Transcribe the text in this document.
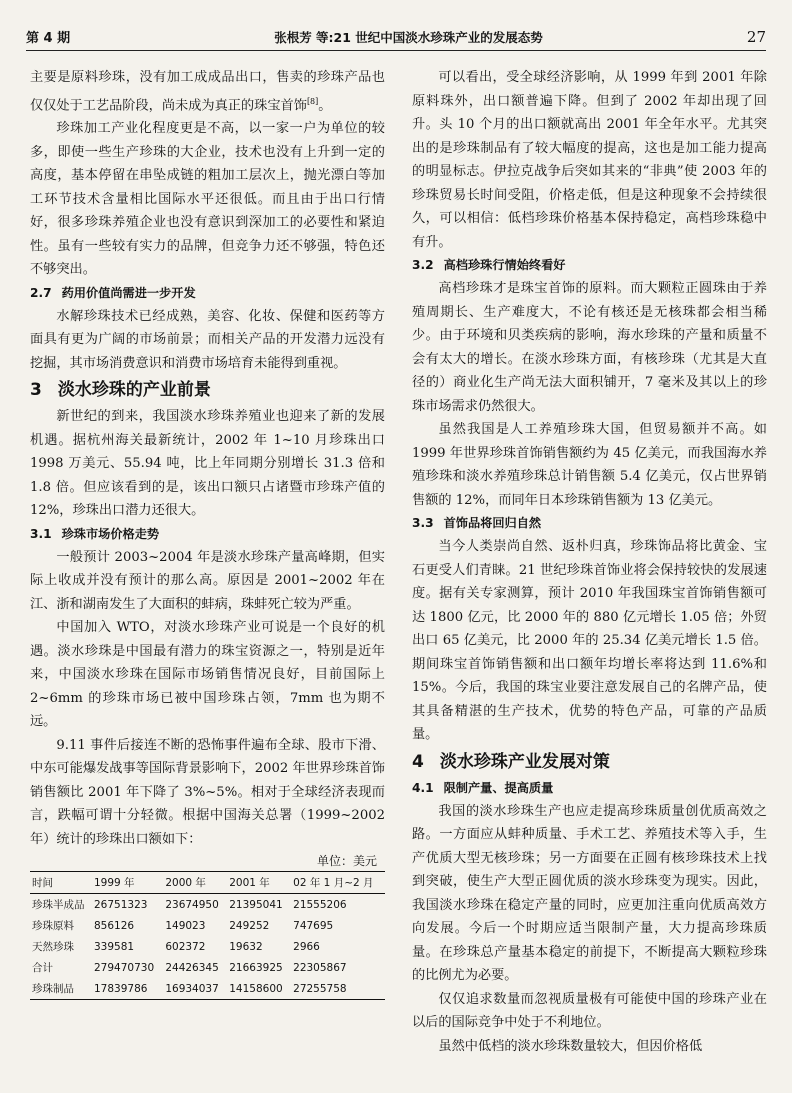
第 4 期	张根芳 等:21 世纪中国淡水珍珠产业的发展态势	27

主要是原料珍珠，没有加工成成品出口，售卖的珍珠产品也仅仅处于工艺品阶段，尚未成为真正的珠宝首饰[8]。

珍珠加工产业化程度更是不高，以一家一户为单位的较多，即使一些生产珍珠的大企业，技术也没有上升到一定的高度，基本停留在串坠成链的粗加工层次上，抛光漂白等加工环节技术含量相比国际水平还很低。而且由于出口行情好，很多珍珠养殖企业也没有意识到深加工的必要性和紧迫性。虽有一些较有实力的品牌，但竞争力还不够强，特色还不够突出。

2.7 药用价值尚需进一步开发

水解珍珠技术已经成熟，美容、化妆、保健和医药等方面具有更为广阔的市场前景；而相关产品的开发潜力远没有挖掘，其市场消费意识和消费市场培育未能得到重视。

3 淡水珍珠的产业前景

新世纪的到来，我国淡水珍珠养殖业也迎来了新的发展机遇。据杭州海关最新统计，2002 年 1~10 月珍珠出口 1998 万美元、55.94 吨，比上年同期分别增长 31.3 倍和 1.8 倍。但应该看到的是，该出口额只占诸暨市珍珠产值的 12%，珍珠出口潜力还很大。

3.1 珍珠市场价格走势

一般预计 2003~2004 年是淡水珍珠产量高峰期，但实际上收成并没有预计的那么高。原因是 2001~2002 年在江、浙和湖南发生了大面积的蚌病，珠蚌死亡较为严重。

中国加入 WTO，对淡水珍珠产业可说是一个良好的机遇。淡水珍珠是中国最有潜力的珠宝资源之一，特别是近年来，中国淡水珍珠在国际市场销售情况良好，目前国际上 2~6mm 的珍珠市场已被中国珍珠占领，7mm 也为期不远。

9.11 事件后接连不断的恐怖事件遍布全球、股市下滑、中东可能爆发战事等国际背景影响下，2002 年世界珍珠首饰销售额比 2001 年下降了 3%~5%。相对于全球经济表现而言，跌幅可谓十分轻微。根据中国海关总署（1999~2002 年）统计的珍珠出口额如下：

单位：美元
时间	1999 年	2000 年	2001 年	02 年 1 月~2 月
珍珠半成品	26751323	23674950	21395041	21555206
珍珠原料	856126	149023	249252	747695
天然珍珠	339581	602372	19632	2966
合计	279470730	24426345	21663925	22305867
珍珠制品	17839786	16934037	14158600	27255758

可以看出，受全球经济影响，从 1999 年到 2001 年除原料珠外，出口额普遍下降。但到了 2002 年却出现了回升。头 10 个月的出口额就高出 2001 年全年水平。尤其突出的是珍珠制品有了较大幅度的提高，这也是加工能力提高的明显标志。伊拉克战争后突如其来的“非典”使 2003 年的珍珠贸易长时间受阻，价格走低，但是这种现象不会持续很久，可以相信：低档珍珠价格基本保持稳定，高档珍珠稳中有升。

3.2 高档珍珠行情始终看好

高档珍珠才是珠宝首饰的原料。而大颗粒正圆珠由于养殖周期长、生产难度大，不论有核还是无核珠都会相当稀少。由于环境和贝类疾病的影响，海水珍珠的产量和质量不会有太大的增长。在淡水珍珠方面，有核珍珠（尤其是大直径的）商业化生产尚无法大面积铺开，7 毫米及其以上的珍珠市场需求仍然很大。

虽然我国是人工养殖珍珠大国，但贸易额并不高。如 1999 年世界珍珠首饰销售额约为 45 亿美元，而我国海水养殖珍珠和淡水养殖珍珠总计销售额 5.4 亿美元，仅占世界销售额的 12%，而同年日本珍珠销售额为 13 亿美元。

3.3 首饰品将回归自然

当今人类崇尚自然、返朴归真，珍珠饰品将比黄金、宝石更受人们青睐。21 世纪珍珠首饰业将会保持较快的发展速度。据有关专家测算，预计 2010 年我国珠宝首饰销售额可达 1800 亿元，比 2000 年的 880 亿元增长 1.05 倍；外贸出口 65 亿美元，比 2000 年的 25.34 亿美元增长 1.5 倍。期间珠宝首饰销售额和出口额年均增长率将达到 11.6%和 15%。今后，我国的珠宝业要注意发展自己的名牌产品，使其具备精湛的生产技术，优势的特色产品，可靠的产品质量。

4 淡水珍珠产业发展对策
4.1 限制产量、提高质量

我国的淡水珍珠生产也应走提高珍珠质量创优质高效之路。一方面应从蚌种质量、手术工艺、养殖技术等入手，生产优质大型无核珍珠；另一方面要在正圆有核珍珠技术上找到突破，使生产大型正圆优质的淡水珍珠变为现实。因此，我国淡水珍珠在稳定产量的同时，应更加注重向优质高效方向发展。今后一个时期应适当限制产量，大力提高珍珠质量。在珍珠总产量基本稳定的前提下，不断提高大颗粒珍珠的比例尤为必要。

仅仅追求数量而忽视质量极有可能使中国的珍珠产业在以后的国际竞争中处于不利地位。

虽然中低档的淡水珍珠数量较大，但因价格低
